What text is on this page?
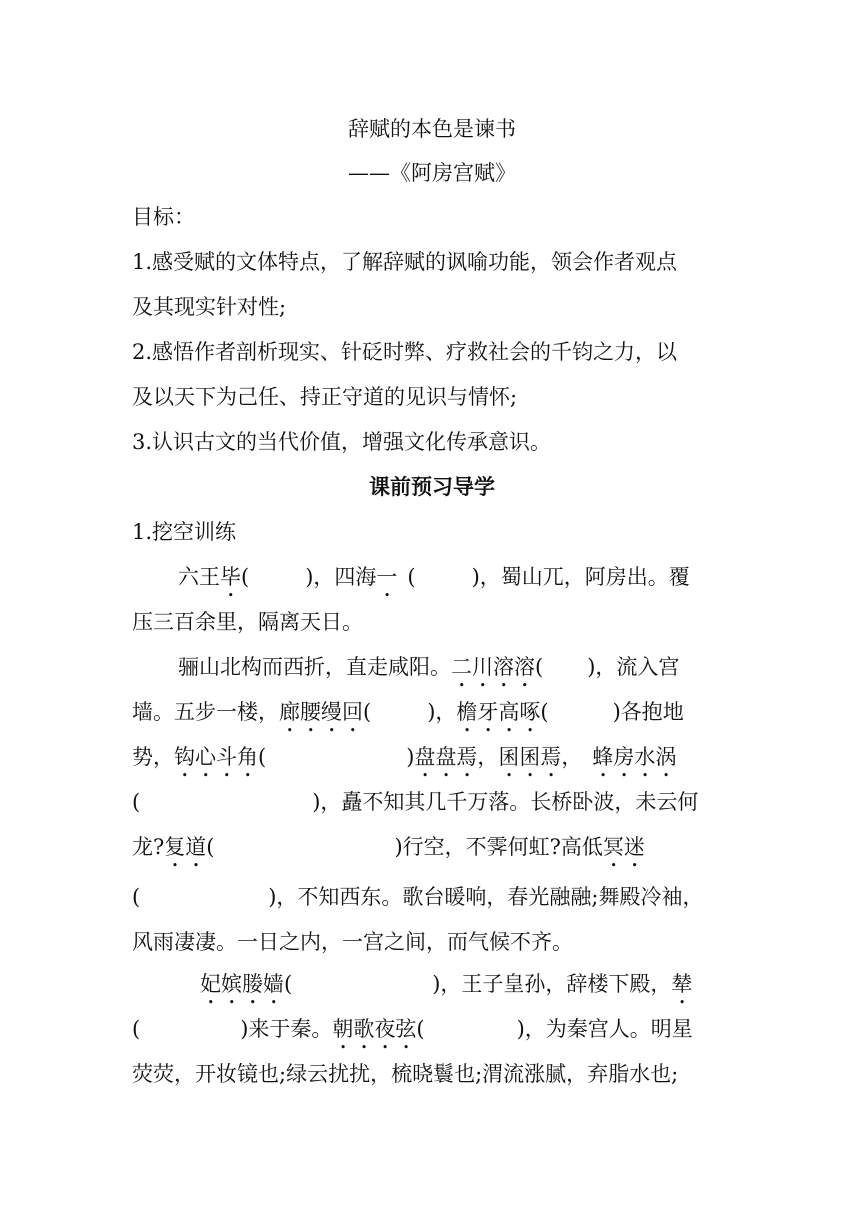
辞赋的本色是谏书
——《阿房宫赋》
目标：
1.感受赋的文体特点，了解辞赋的讽喻功能，领会作者观点
及其现实针对性;
2.感悟作者剖析现实、针砭时弊、疗救社会的千钧之力，以
及以天下为己任、持正守道的见识与情怀;
3.认识古文的当代价值，增强文化传承意识。
课前预习导学
1.挖空训练
六王毕(	)，四海一 (	)，蜀山兀，阿房出。覆
压三百余里，隔离天日。
骊山北构而西折，直走咸阳。二川溶溶( )，流入宫
墙。五步一楼，廊腰缦回(	)，檐牙高啄(	)各抱地
势，钩心斗角(	)盘盘焉，囷囷焉， 蜂房水涡
(	)，矗不知其几千万落。长桥卧波，未云何
龙?复道(	)行空，不霁何虹?高低冥迷
(	)，不知西东。歌台暖响，春光融融;舞殿冷袖，
风雨凄凄。一日之内，一宫之间，而气候不齐。
妃嫔媵嫱(	)，王子皇孙，辞楼下殿，辇
(	)来于秦。朝歌夜弦(	)，为秦宫人。明星
荧荧，开妆镜也;绿云扰扰，梳晓鬟也;渭流涨腻，弃脂水也;
